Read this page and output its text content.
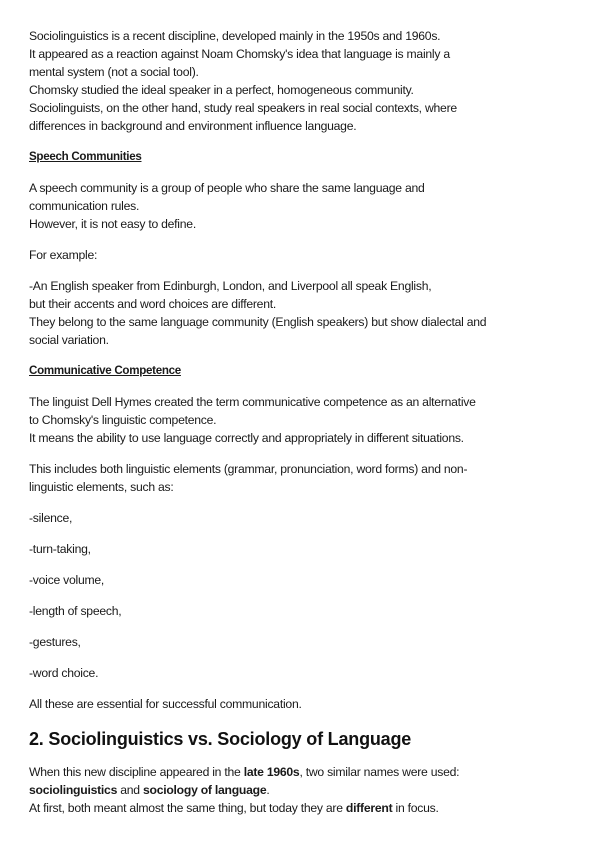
Sociolinguistics is a recent discipline, developed mainly in the 1950s and 1960s.
It appeared as a reaction against Noam Chomsky's idea that language is mainly a
mental system (not a social tool).
Chomsky studied the ideal speaker in a perfect, homogeneous community.
Sociolinguists, on the other hand, study real speakers in real social contexts, where
differences in background and environment influence language.

Speech Communities

A speech community is a group of people who share the same language and
communication rules.
However, it is not easy to define.

For example:

-An English speaker from Edinburgh, London, and Liverpool all speak English,
but their accents and word choices are different.
They belong to the same language community (English speakers) but show dialectal and
social variation.

Communicative Competence

The linguist Dell Hymes created the term communicative competence as an alternative
to Chomsky's linguistic competence.
It means the ability to use language correctly and appropriately in different situations.

This includes both linguistic elements (grammar, pronunciation, word forms) and non-
linguistic elements, such as:

-silence,

-turn-taking,

-voice volume,

-length of speech,

-gestures,

-word choice.

All these are essential for successful communication.

2. Sociolinguistics vs. Sociology of Language

When this new discipline appeared in the late 1960s, two similar names were used:
sociolinguistics and sociology of language.
At first, both meant almost the same thing, but today they are different in focus.
